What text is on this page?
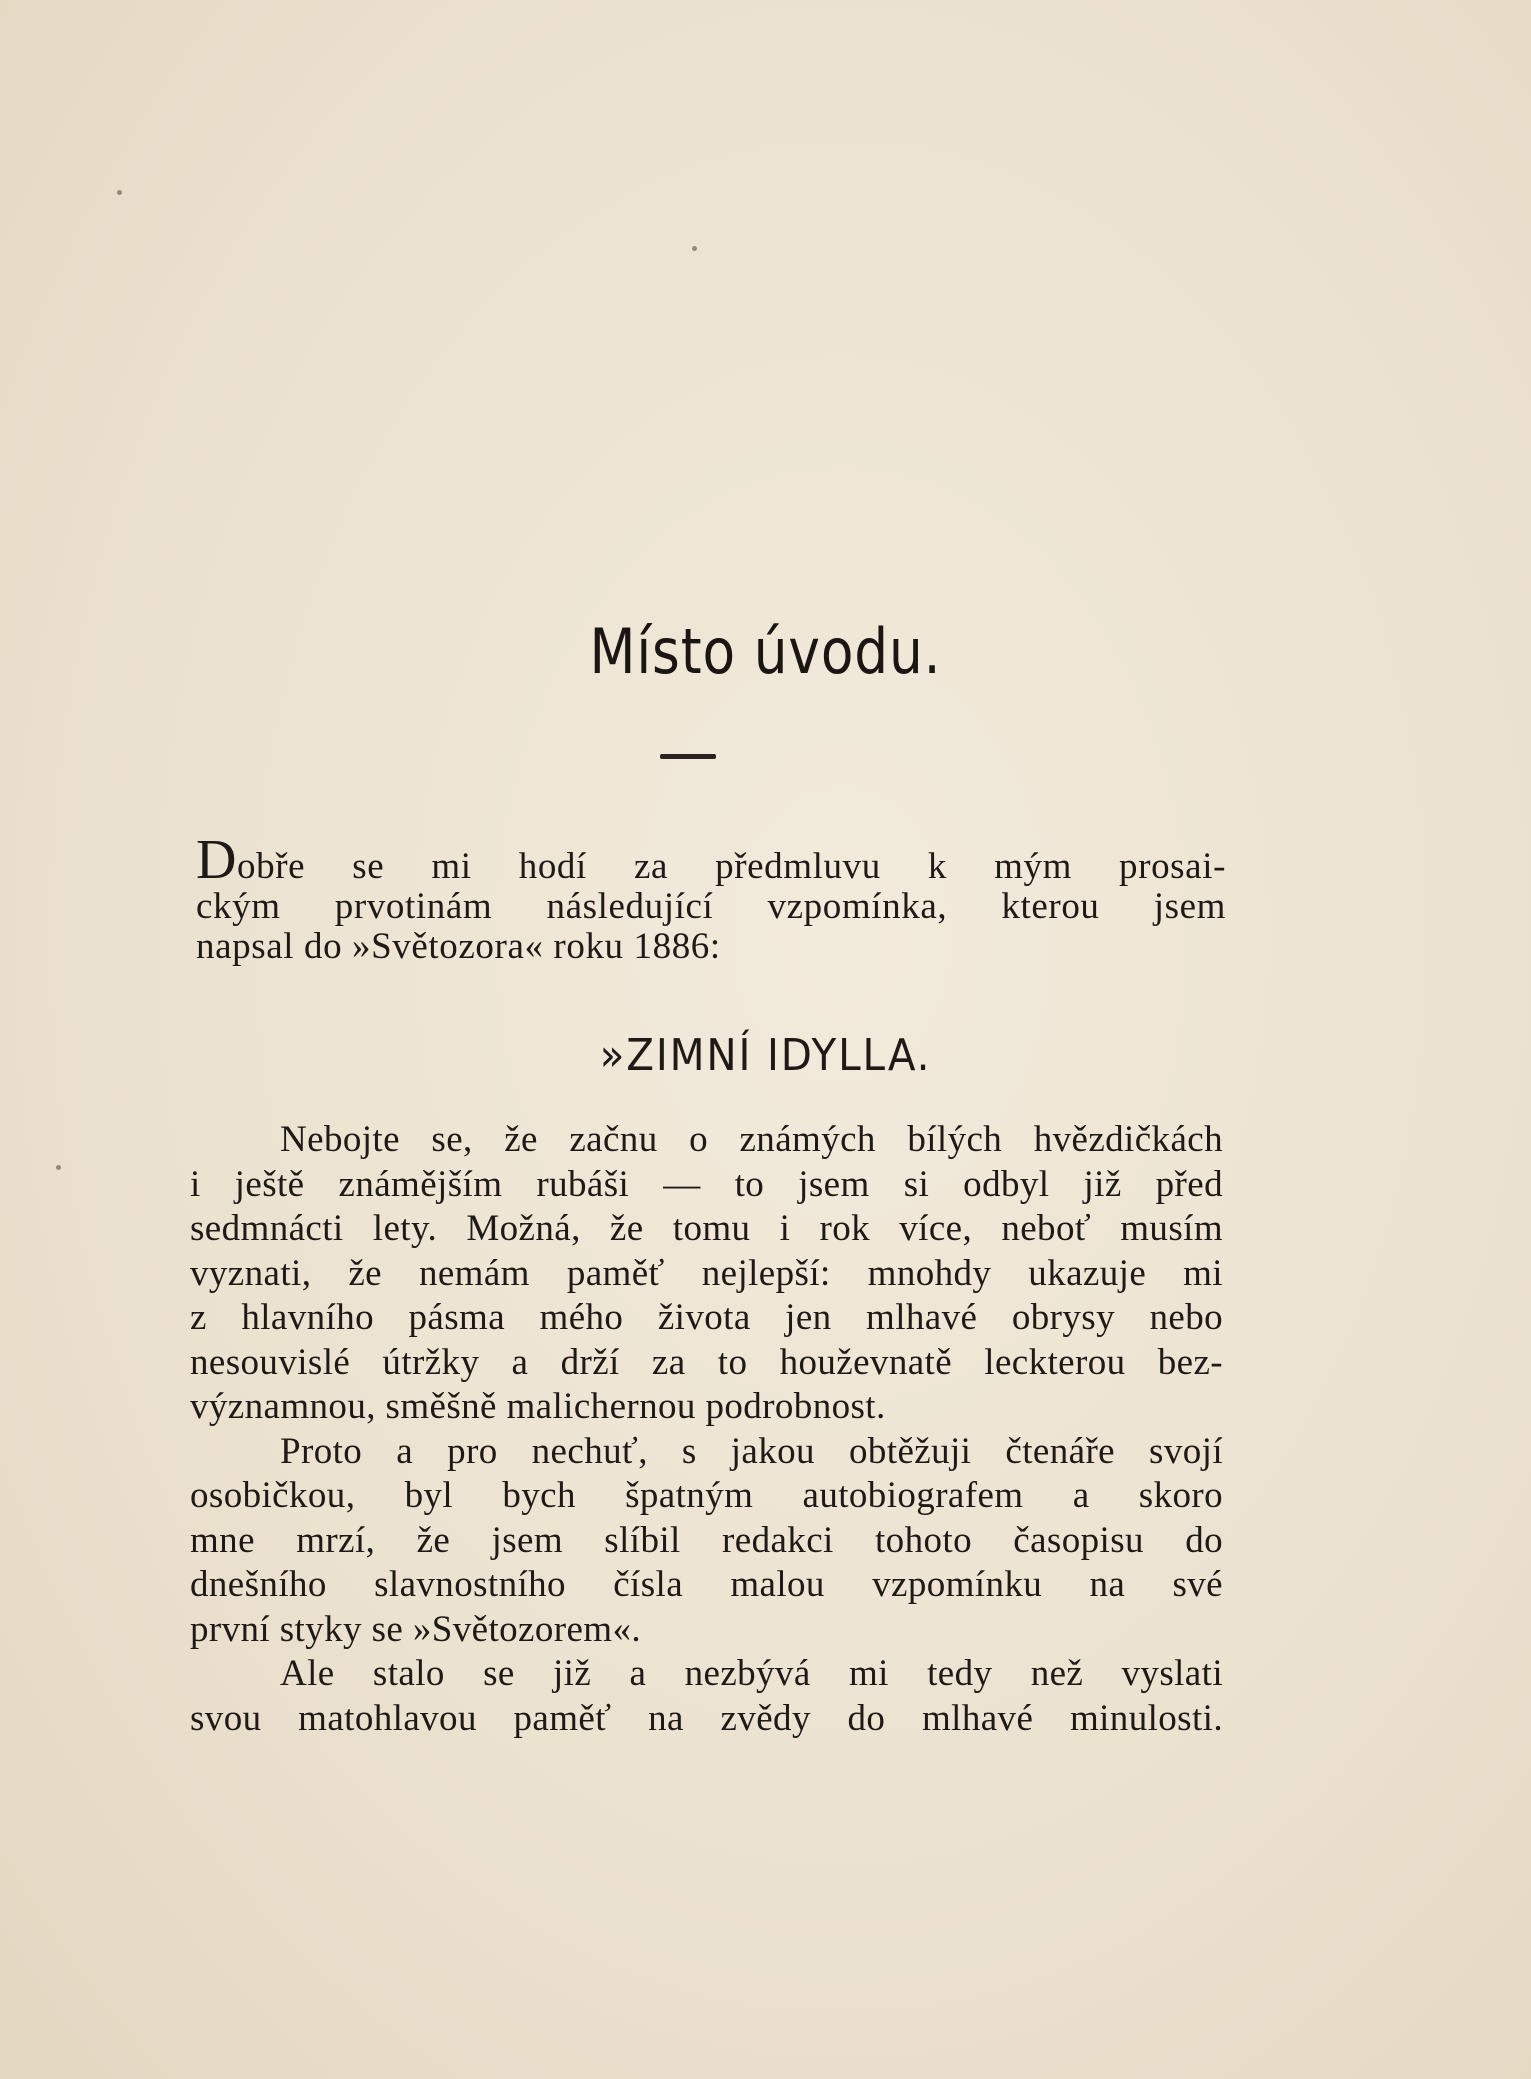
Místo úvodu.
Dobře se mi hodí za předmluvu k mým prosai-
ckým prvotinám následující vzpomínka, kterou jsem
napsal do »Světozora« roku 1886:
»ZIMNÍ IDYLLA.
Nebojte se, že začnu o známých bílých hvězdičkách
i ještě známějším rubáši — to jsem si odbyl již před
sedmnácti lety. Možná, že tomu i rok více, neboť musím
vyznati, že nemám paměť nejlepší: mnohdy ukazuje mi
z hlavního pásma mého života jen mlhavé obrysy nebo
nesouvislé útržky a drží za to houževnatě leckterou bez-
významnou, směšně malichernou podrobnost.
Proto a pro nechuť, s jakou obtěžuji čtenáře svojí
osobičkou, byl bych špatným autobiografem a skoro
mne mrzí, že jsem slíbil redakci tohoto časopisu do
dnešního slavnostního čísla malou vzpomínku na své
první styky se »Světozorem«.
Ale stalo se již a nezbývá mi tedy než vyslati
svou matohlavou paměť na zvědy do mlhavé minulosti.
